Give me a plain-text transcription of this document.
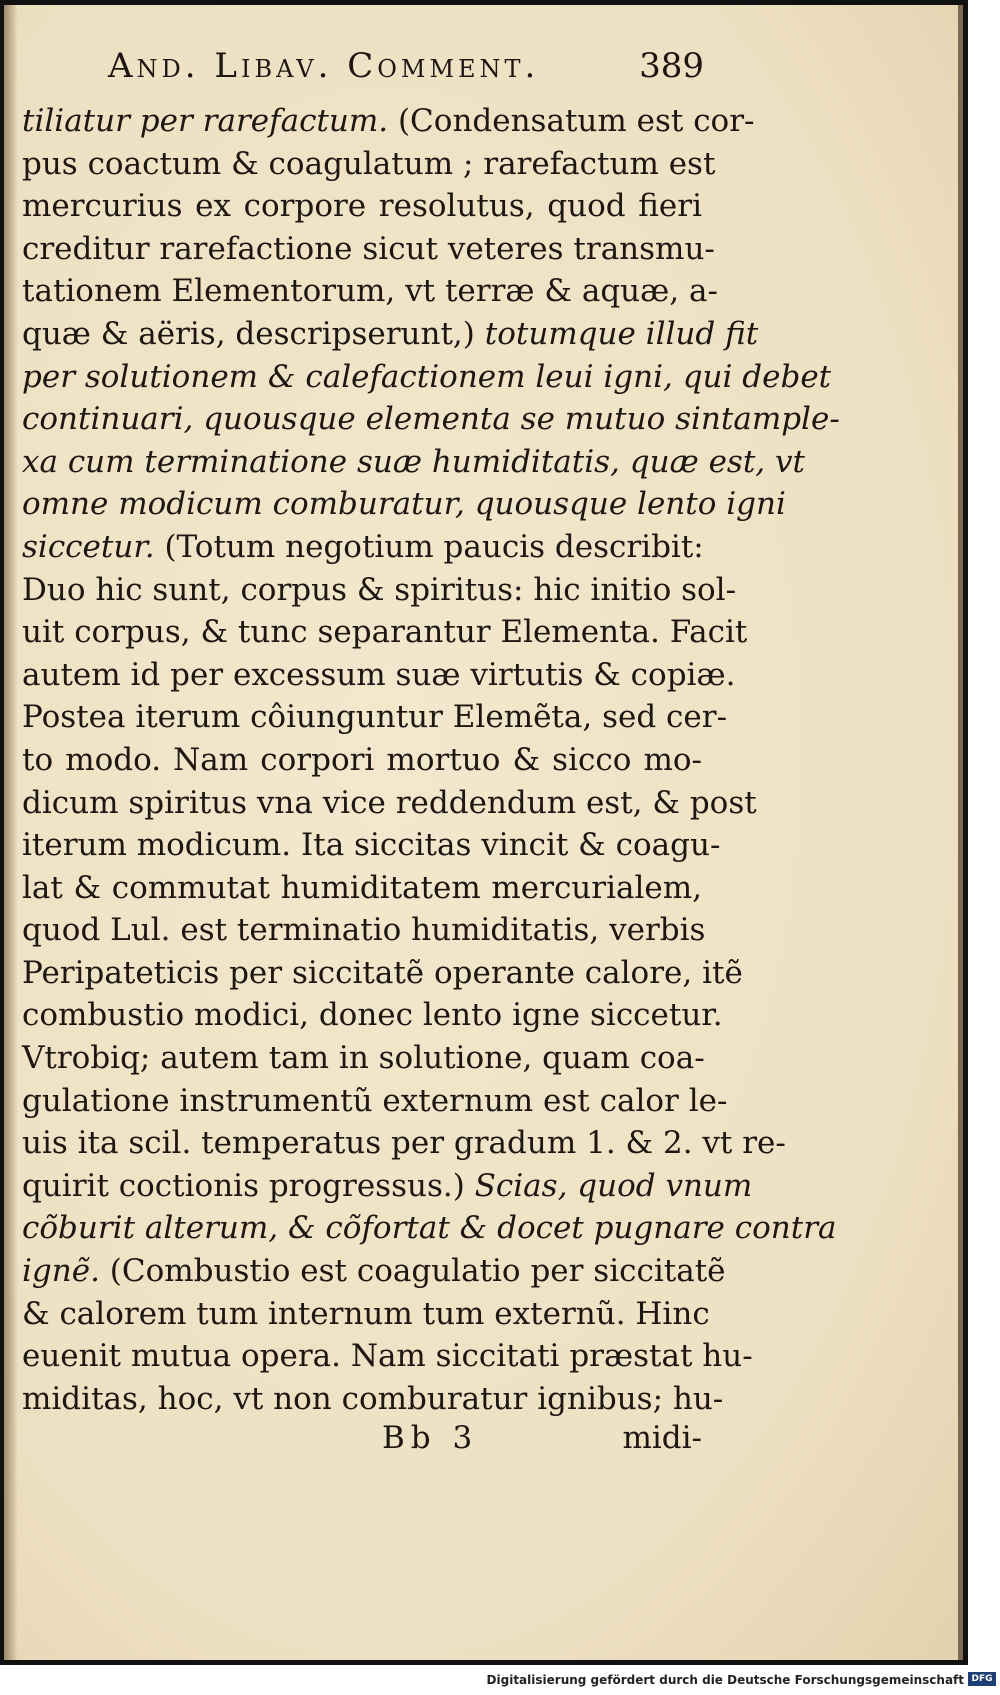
And. Libav. Comment.	389
tiliatur per rarefactum. (Condensatum est cor-
pus coactum & coagulatum ; rarefactum est
mercurius ex corpore resolutus, quod fieri
creditur rarefactione sicut veteres transmu-
tationem Elementorum, vt terræ & aquæ, a-
quæ & aëris, descripserunt,) totumque illud fit
per solutionem & calefactionem leui igni, qui debet
continuari, quousque elementa se mutuo sintample-
xa cum terminatione suæ humiditatis, quæ est, vt
omne modicum comburatur, quousque lento igni
siccetur. (Totum negotium paucis describit:
Duo hic sunt, corpus & spiritus: hic initio sol-
uit corpus, & tunc separantur Elementa. Facit
autem id per excessum suæ virtutis & copiæ.
Postea iterum côiunguntur Elemẽta, sed cer-
to modo. Nam corpori mortuo & sicco mo-
dicum spiritus vna vice reddendum est, & post
iterum modicum. Ita siccitas vincit & coagu-
lat & commutat humiditatem mercurialem,
quod Lul. est terminatio humiditatis, verbis
Peripateticis per siccitatẽ operante calore, itẽ
combustio modici, donec lento igne siccetur.
Vtrobiq; autem tam in solutione, quam coa-
gulatione instrumentũ externum est calor le-
uis ita scil. temperatus per gradum 1. & 2. vt re-
quirit coctionis progressus.) Scias, quod vnum
cõburit alterum, & cõfortat & docet pugnare contra
ignẽ. (Combustio est coagulatio per siccitatẽ
& calorem tum internum tum externũ. Hinc
euenit mutua opera. Nam siccitati præstat hu-
miditas, hoc, vt non comburatur ignibus; hu-
Bb 3	midi-
Digitalisierung gefördert durch die Deutsche Forschungsgemeinschaft DFG
